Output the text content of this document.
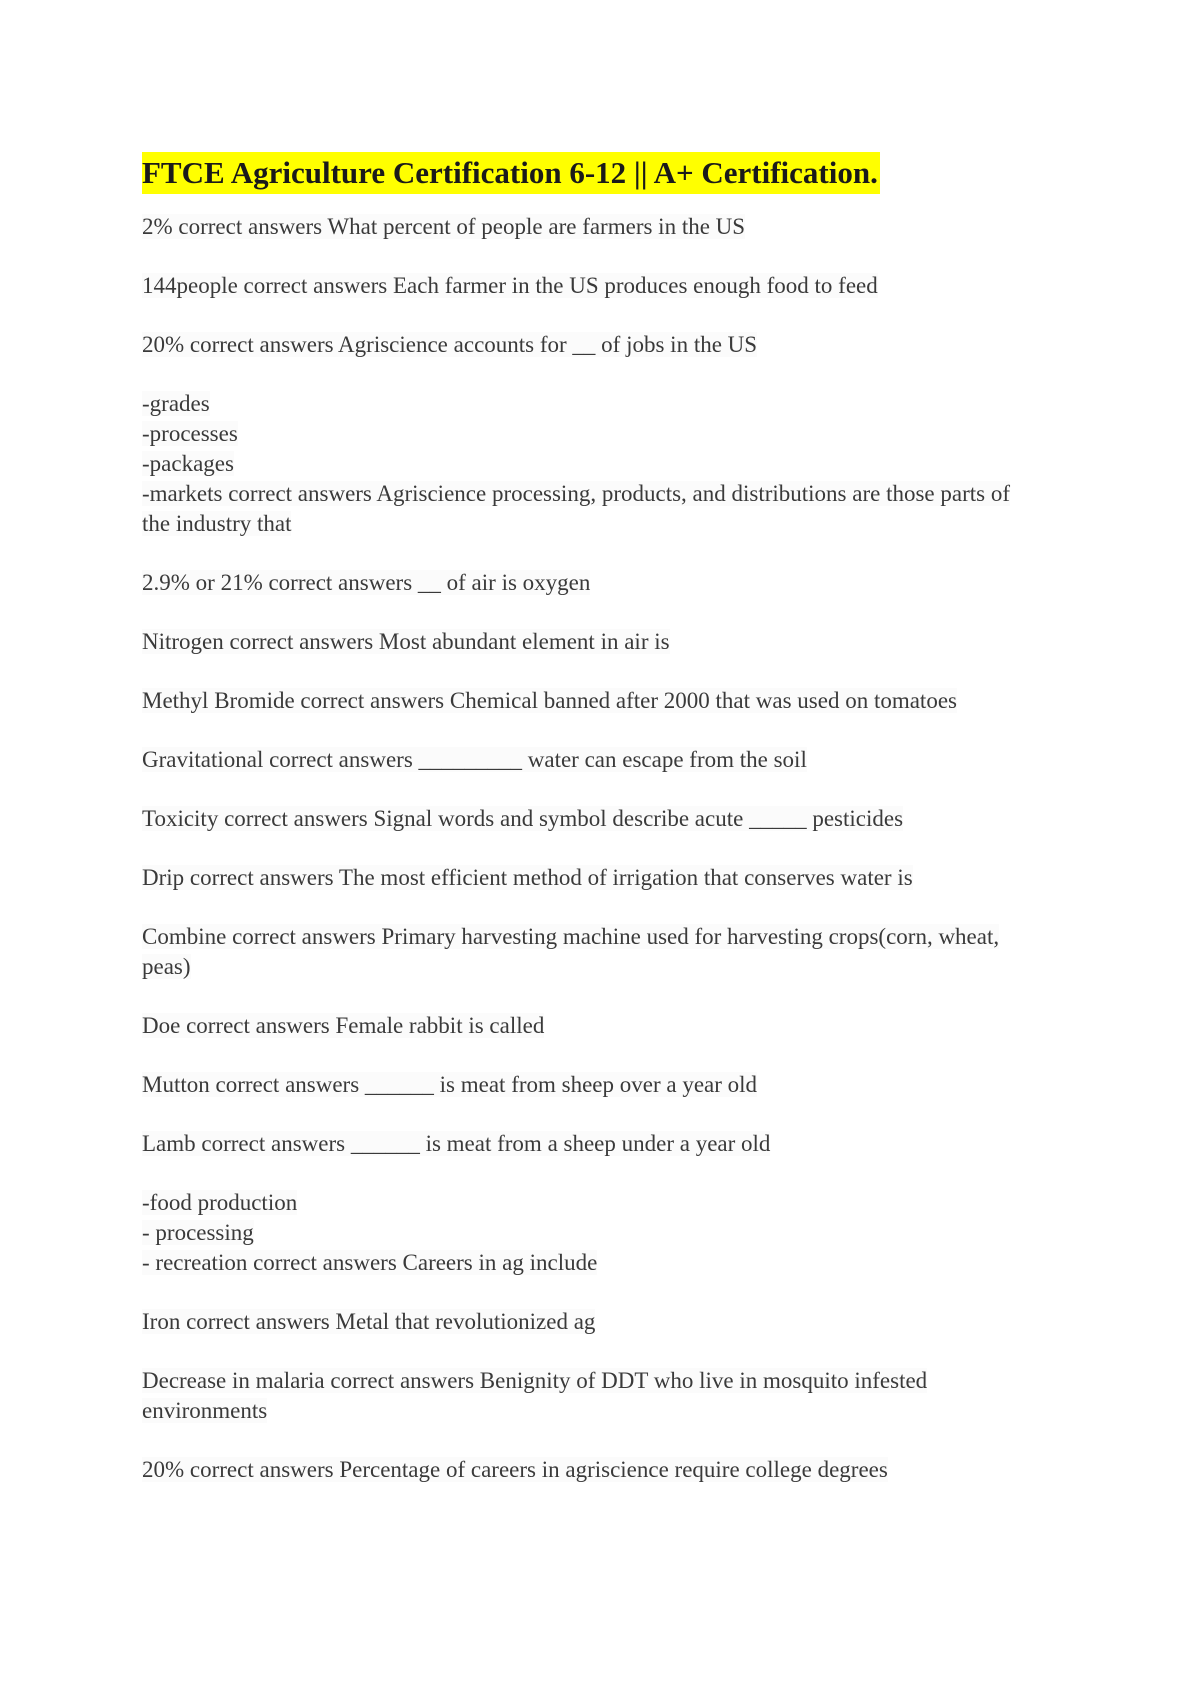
FTCE Agriculture Certification 6-12 || A+ Certification.
2% correct answers What percent of people are farmers in the US
144people correct answers Each farmer in the US produces enough food to feed
20% correct answers Agriscience accounts for __ of jobs in the US
-grades
-processes
-packages
-markets correct answers Agriscience processing, products, and distributions are those parts of
the industry that
2.9% or 21% correct answers __ of air is oxygen
Nitrogen correct answers Most abundant element in air is
Methyl Bromide correct answers Chemical banned after 2000 that was used on tomatoes
Gravitational correct answers _________ water can escape from the soil
Toxicity correct answers Signal words and symbol describe acute _____ pesticides
Drip correct answers The most efficient method of irrigation that conserves water is
Combine correct answers Primary harvesting machine used for harvesting crops(corn, wheat,
peas)
Doe correct answers Female rabbit is called
Mutton correct answers ______ is meat from sheep over a year old
Lamb correct answers ______ is meat from a sheep under a year old
-food production
- processing
- recreation correct answers Careers in ag include
Iron correct answers Metal that revolutionized ag
Decrease in malaria correct answers Benignity of DDT who live in mosquito infested
environments
20% correct answers Percentage of careers in agriscience require college degrees
